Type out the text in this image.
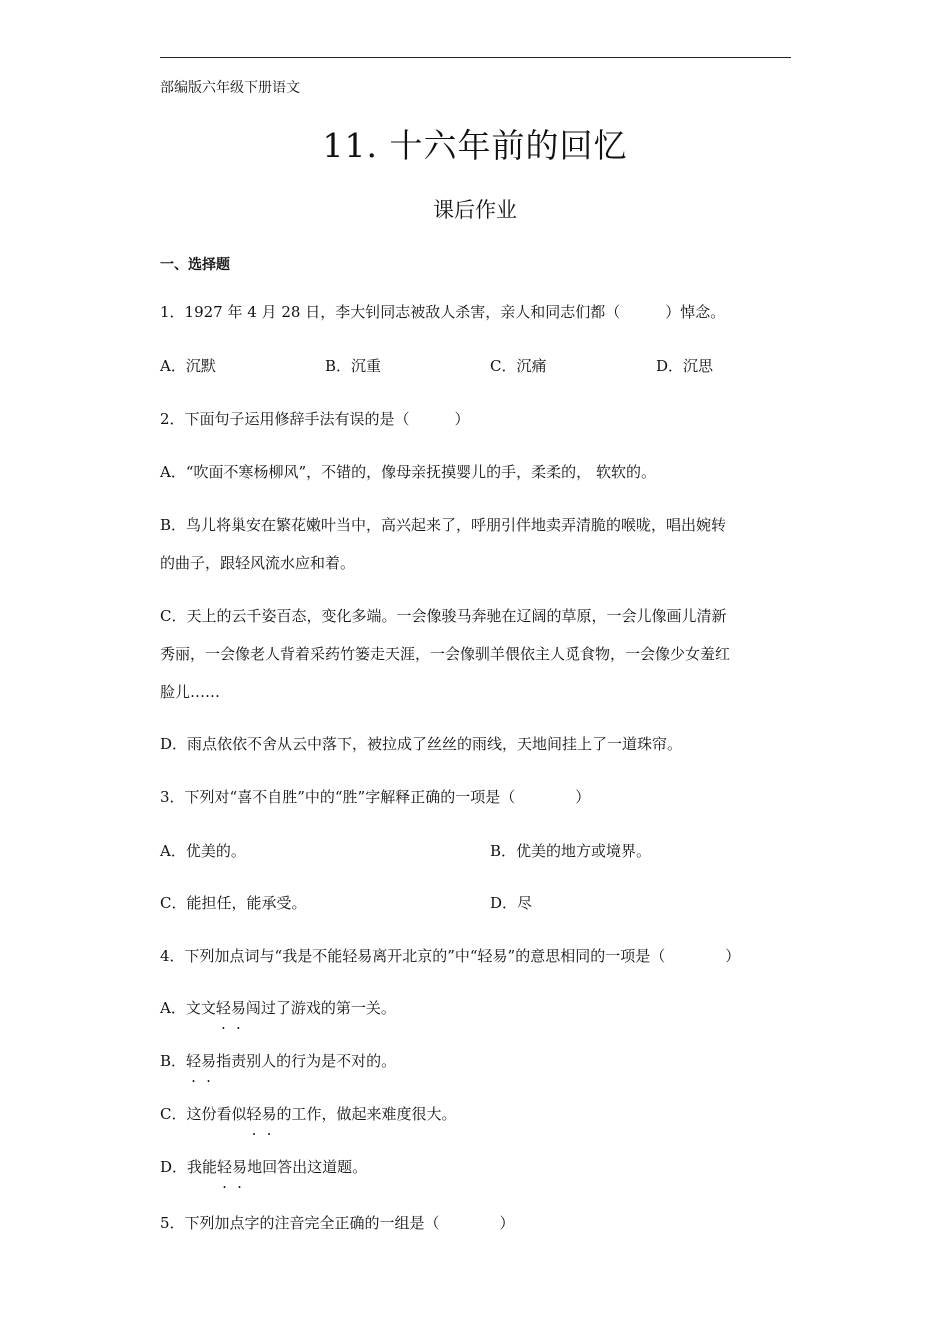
部编版六年级下册语文
11. 十六年前的回忆
课后作业
一、选择题
1．1927 年 4 月 28 日，李大钊同志被敌人杀害，亲人和同志们都（　　　）悼念。
A．沉默	B．沉重	C．沉痛	D．沉思
2．下面句子运用修辞手法有误的是（　　　）
A．“吹面不寒杨柳风”，不错的，像母亲抚摸婴儿的手，柔柔的， 软软的。
B．鸟儿将巢安在繁花嫩叶当中，高兴起来了，呼朋引伴地卖弄清脆的喉咙，唱出婉转
的曲子，跟轻风流水应和着。
C．天上的云千姿百态，变化多端。一会像骏马奔驰在辽阔的草原，一会儿像画儿清新
秀丽，一会像老人背着采药竹篓走天涯，一会像驯羊偎依主人觅食物，一会像少女羞红
脸儿……
D．雨点依依不舍从云中落下，被拉成了丝丝的雨线，天地间挂上了一道珠帘。
3．下列对“喜不自胜”中的“胜”字解释正确的一项是（　　　　）
A．优美的。	B．优美的地方或境界。
C．能担任，能承受。	D．尽
4．下列加点词与“我是不能轻易离开北京的”中“轻易”的意思相同的一项是（　　　　）
A．文文轻易闯过了游戏的第一关。
B．轻易指责别人的行为是不对的。
C．这份看似轻易的工作，做起来难度很大。
D．我能轻易地回答出这道题。
5．下列加点字的注音完全正确的一组是（　　　　）
